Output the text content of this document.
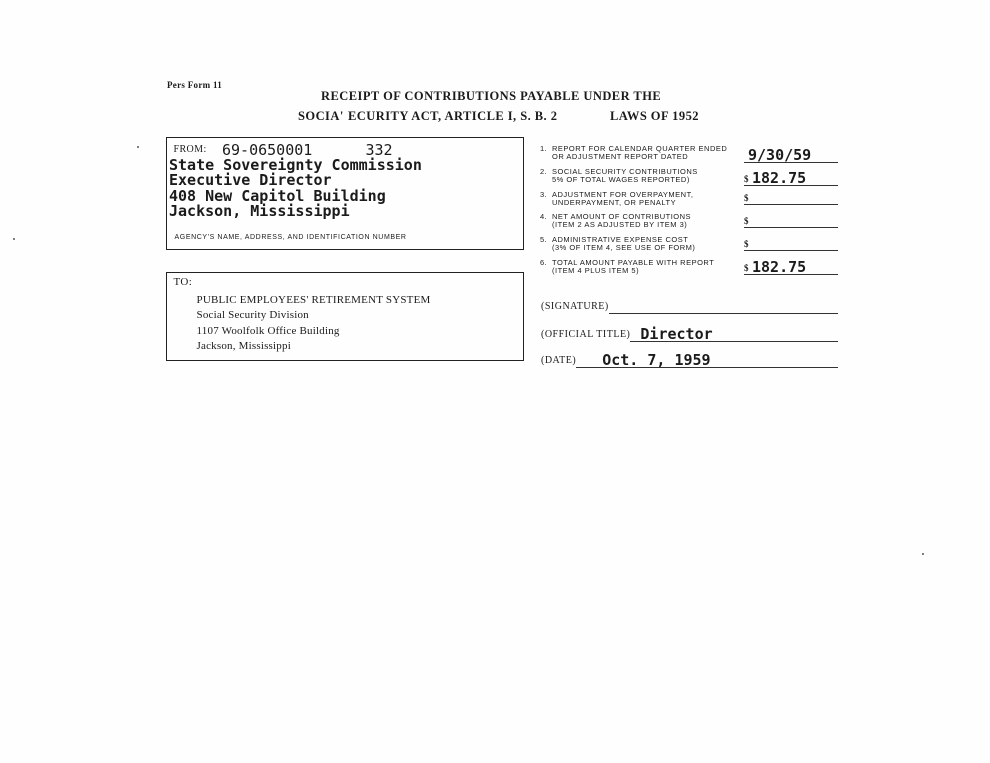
Pers Form 11
RECEIPT OF CONTRIBUTIONS PAYABLE UNDER THE
SOCIA' ECURITY ACT, ARTICLE I, S. B. 2	LAWS OF 1952
FROM: 69-0650001	332
State Sovereignty Commission
Executive Director
408 New Capitol Building
Jackson, Mississippi
AGENCY'S NAME, ADDRESS, AND IDENTIFICATION NUMBER
TO:
PUBLIC EMPLOYEES' RETIREMENT SYSTEM
Social Security Division
1107 Woolfolk Office Building
Jackson, Mississippi
1. REPORT FOR CALENDAR QUARTER ENDED
OR ADJUSTMENT REPORT DATED	9/30/59
2. SOCIAL SECURITY CONTRIBUTIONS
5% OF TOTAL WAGES REPORTED)	$ 182.75
3. ADJUSTMENT FOR OVERPAYMENT,
UNDERPAYMENT, OR PENALTY	$
4. NET AMOUNT OF CONTRIBUTIONS
(ITEM 2 AS ADJUSTED BY ITEM 3)	$
5. ADMINISTRATIVE EXPENSE COST
(3% OF ITEM 4, SEE USE OF FORM)	$
6. TOTAL AMOUNT PAYABLE WITH REPORT
(ITEM 4 PLUS ITEM 5)	$ 182.75
(SIGNATURE)
(OFFICIAL TITLE) Director
(DATE) Oct. 7, 1959
